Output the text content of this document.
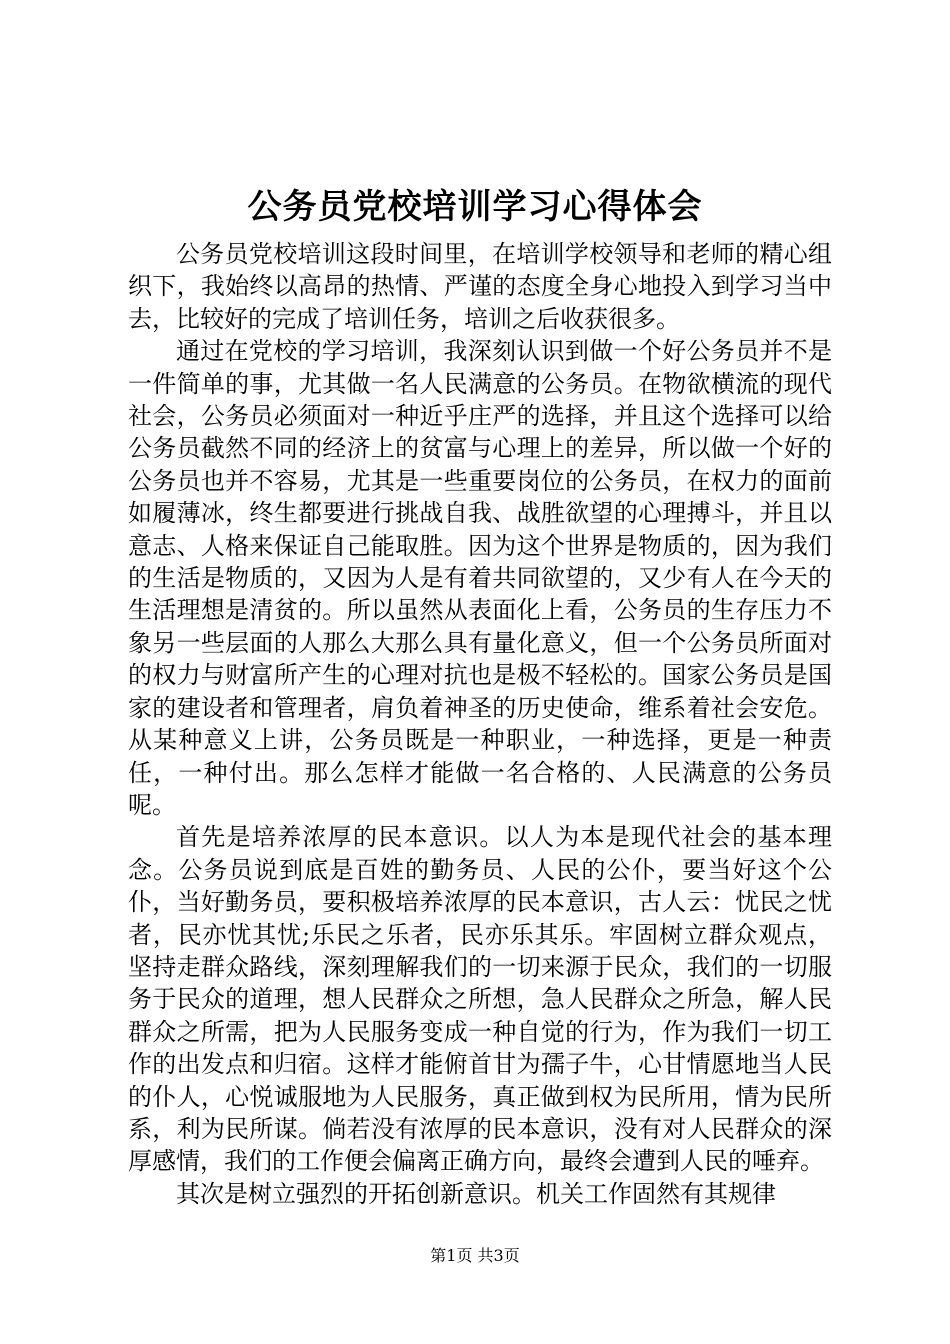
公务员党校培训学习心得体会

公务员党校培训这段时间里，在培训学校领导和老师的精心组织下，我始终以高昂的热情、严谨的态度全身心地投入到学习当中去，比较好的完成了培训任务，培训之后收获很多。

通过在党校的学习培训，我深刻认识到做一个好公务员并不是一件简单的事，尤其做一名人民满意的公务员。在物欲横流的现代社会，公务员必须面对一种近乎庄严的选择，并且这个选择可以给公务员截然不同的经济上的贫富与心理上的差异，所以做一个好的公务员也并不容易，尤其是一些重要岗位的公务员，在权力的面前如履薄冰，终生都要进行挑战自我、战胜欲望的心理搏斗，并且以意志、人格来保证自己能取胜。因为这个世界是物质的，因为我们的生活是物质的，又因为人是有着共同欲望的，又少有人在今天的生活理想是清贫的。所以虽然从表面化上看，公务员的生存压力不象另一些层面的人那么大那么具有量化意义，但一个公务员所面对的权力与财富所产生的心理对抗也是极不轻松的。国家公务员是国家的建设者和管理者，肩负着神圣的历史使命，维系着社会安危。从某种意义上讲，公务员既是一种职业，一种选择，更是一种责任，一种付出。那么怎样才能做一名合格的、人民满意的公务员呢。

首先是培养浓厚的民本意识。以人为本是现代社会的基本理念。公务员说到底是百姓的勤务员、人民的公仆，要当好这个公仆，当好勤务员，要积极培养浓厚的民本意识，古人云：忧民之忧者，民亦忧其忧;乐民之乐者，民亦乐其乐。牢固树立群众观点，坚持走群众路线，深刻理解我们的一切来源于民众，我们的一切服务于民众的道理，想人民群众之所想，急人民群众之所急，解人民群众之所需，把为人民服务变成一种自觉的行为，作为我们一切工作的出发点和归宿。这样才能俯首甘为孺子牛，心甘情愿地当人民的仆人，心悦诚服地为人民服务，真正做到权为民所用，情为民所系，利为民所谋。倘若没有浓厚的民本意识，没有对人民群众的深厚感情，我们的工作便会偏离正确方向，最终会遭到人民的唾弃。

其次是树立强烈的开拓创新意识。机关工作固然有其规律

第1页 共3页
